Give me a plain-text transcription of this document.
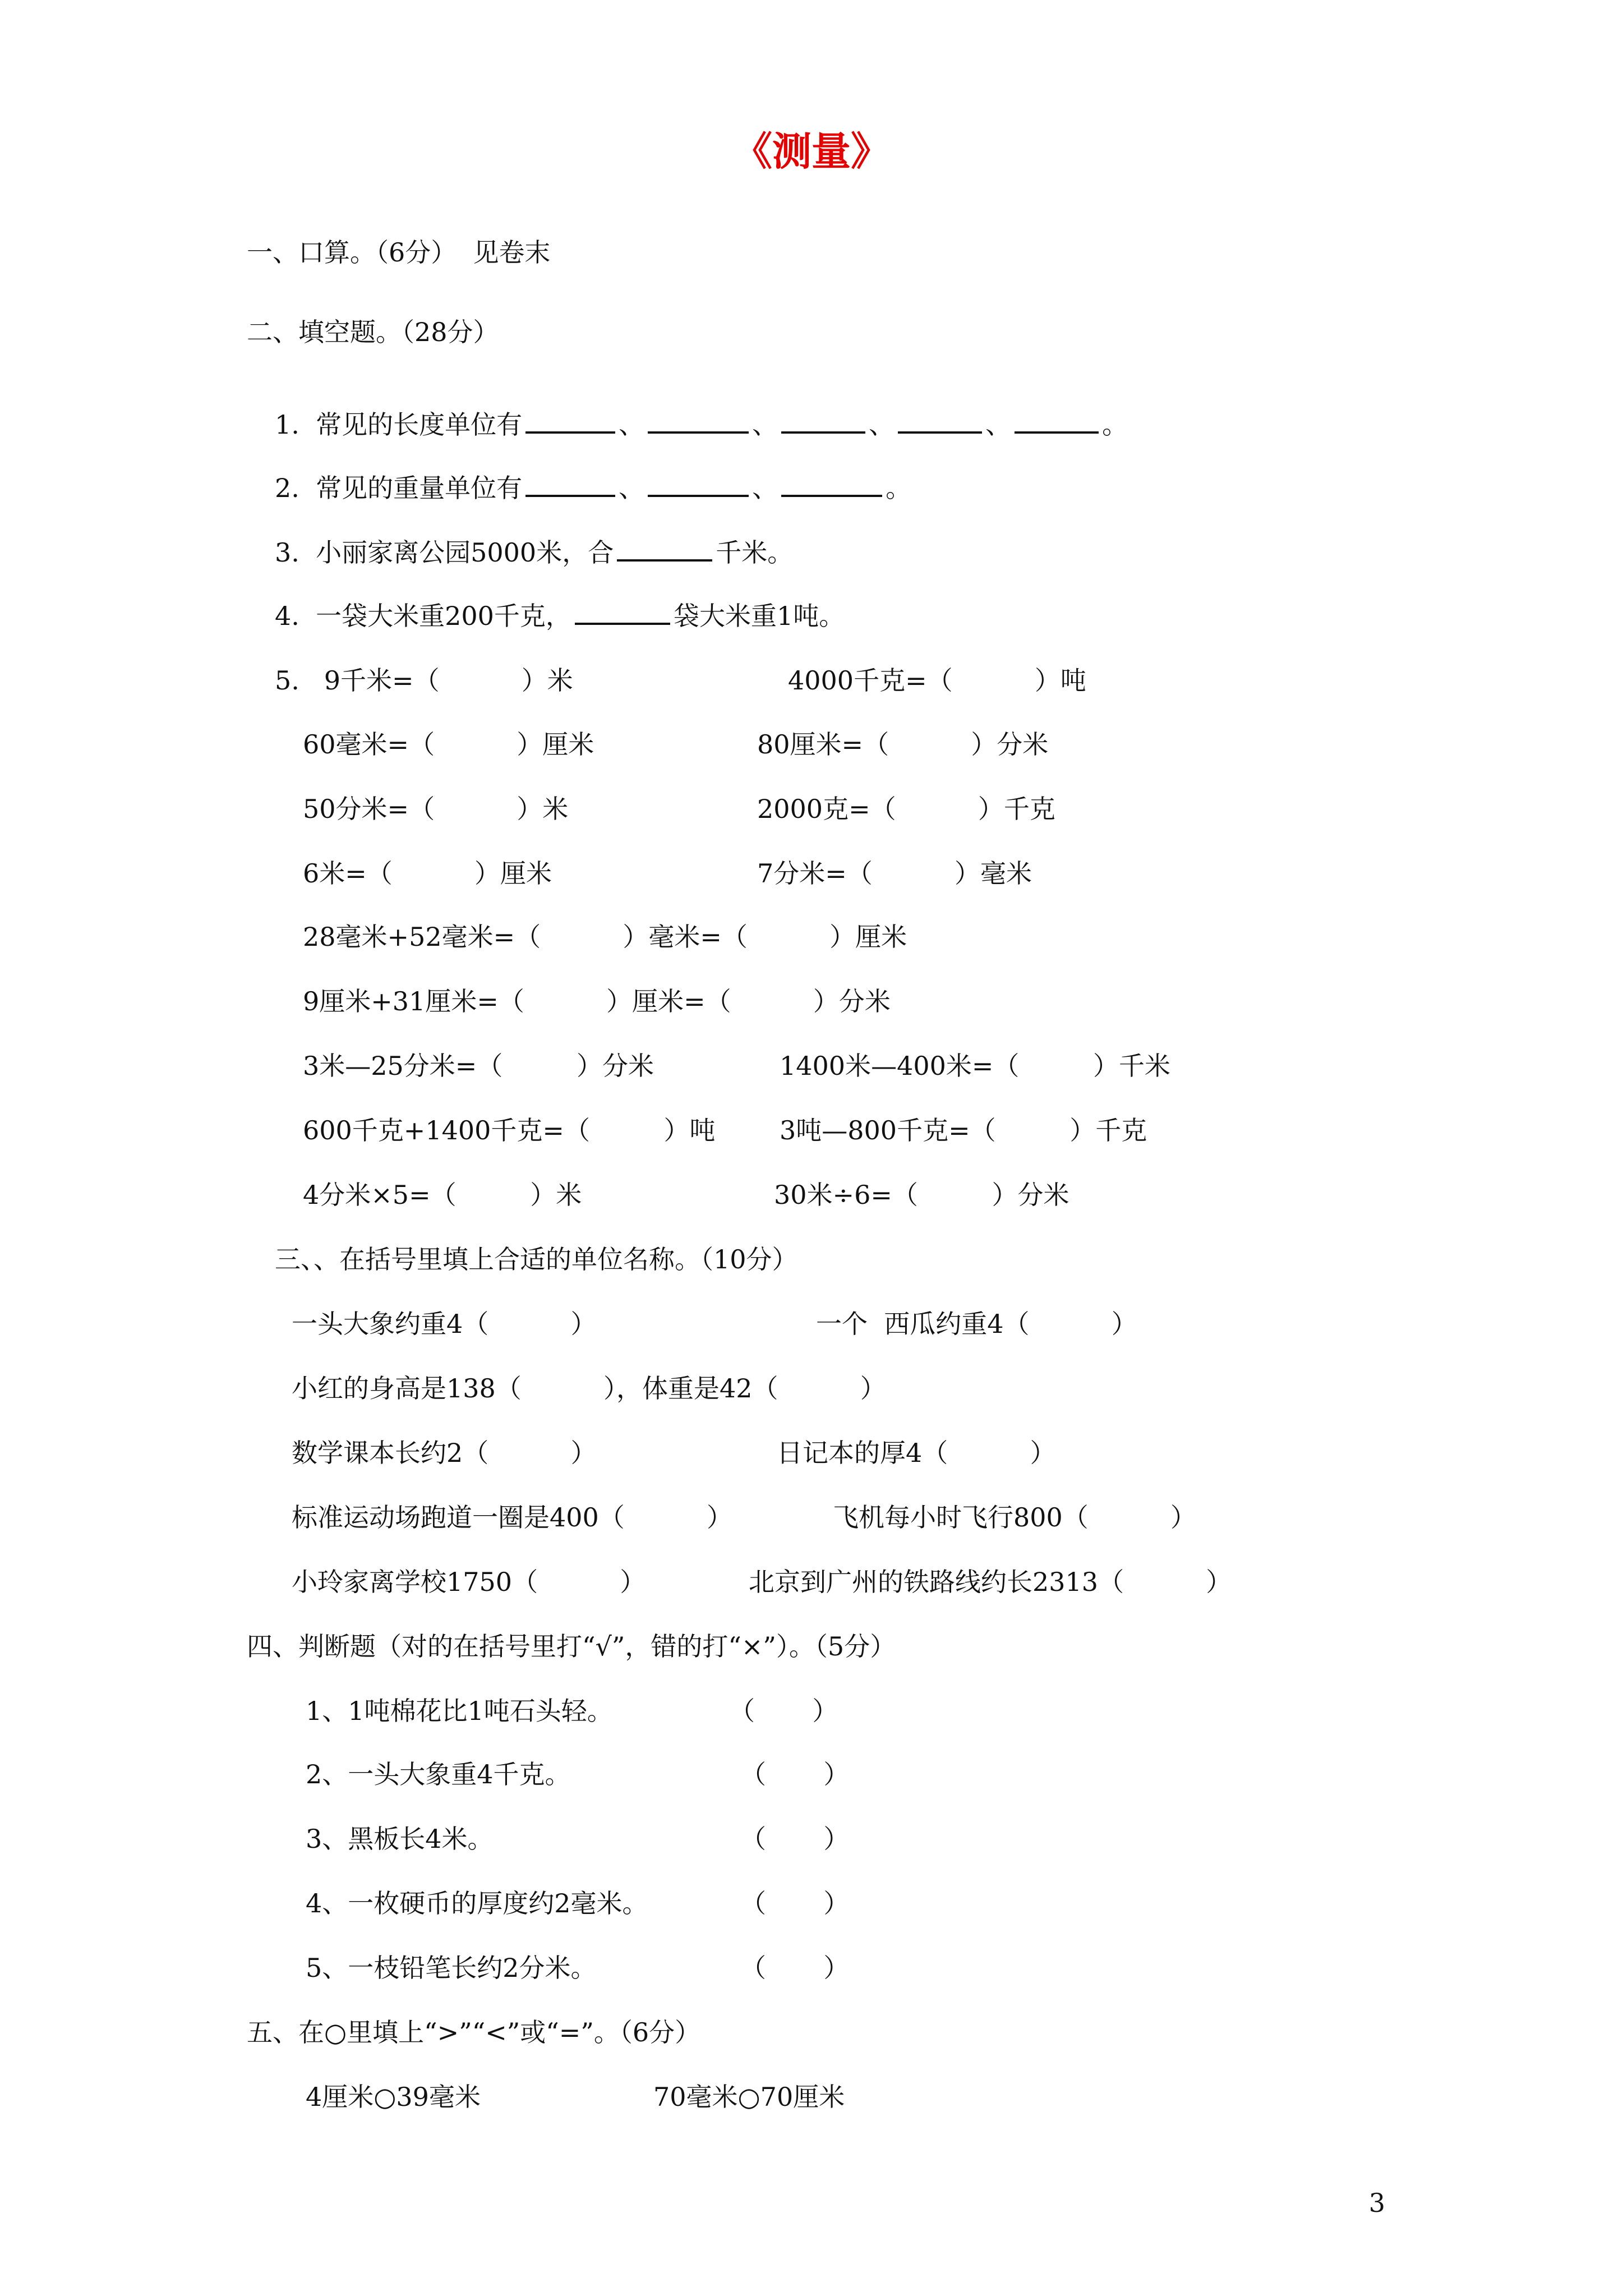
《测量》
一、口算。（6分）  见卷末
二、填空题。（28分）
1.  常见的长度单位有	、	、	、	、	。
2.  常见的重量单位有	、	、	。
3.  小丽家离公园5000米，合	千米。
4.  一袋大米重200千克，	袋大米重1吨。
5.   9千米=（          ）米	4000千克=（          ）吨
60毫米=（          ）厘米	80厘米=（          ）分米
50分米=（          ）米	2000克=（          ）千克
6米=（          ）厘米	7分米=（          ）毫米
28毫米+52毫米=（          ）毫米=（          ）厘米
9厘米+31厘米=（          ）厘米=（          ）分米
3米—25分米=（         ）分米	1400米—400米=（         ）千米
600千克+1400千克=（         ）吨 3吨—800千克=（         ）千克
4分米×5=（         ）米	30米÷6=（         ）分米
三、、在括号里填上合适的单位名称。（10分）
一头大象约重4（          ）	一个  西瓜约重4（          ）
小红的身高是138（          ），体重是42（          ）
数学课本长约2（          ）	日记本的厚4（          ）
标准运动场跑道一圈是400（          ）	飞机每小时飞行800（          ）
小玲家离学校1750（          ）	北京到广州的铁路线约长2313（          ）
四、判断题（对的在括号里打“√”，错的打“×”）。（5分）
1、1吨棉花比1吨石头轻。	（       ）
2、一头大象重4千克。	（       ）
3、黑板长4米。	（       ）
4、一枚硬币的厚度约2毫米。	（       ）
5、一枝铅笔长约2分米。	（       ）
五、在○里填上“>”“<”或“=”。（6分）
4厘米○39毫米	70毫米○70厘米
3
